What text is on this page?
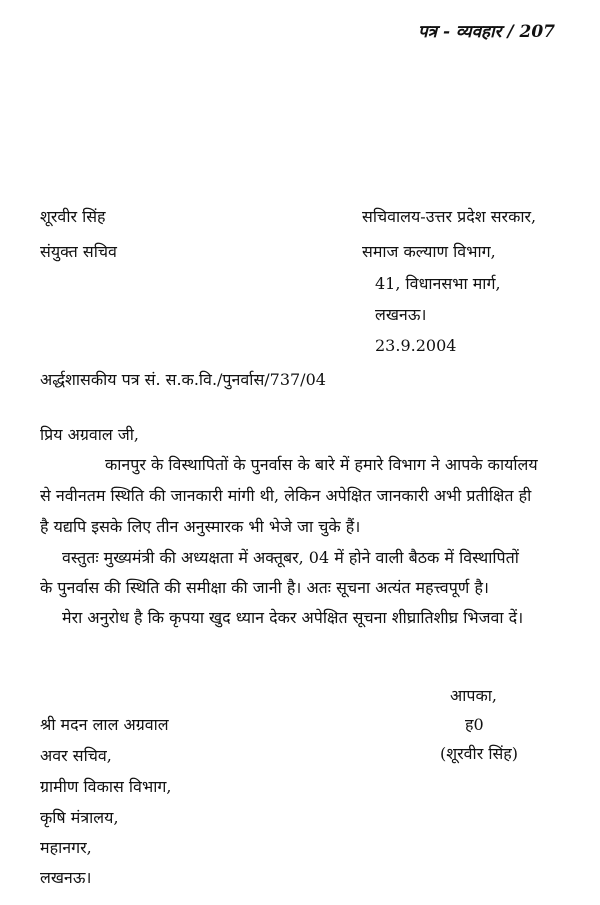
पत्र - व्यवहार / 207
शूरवीर सिंह
संयुक्त सचिव
सचिवालय-उत्तर प्रदेश सरकार,
समाज कल्याण विभाग,
41, विधानसभा मार्ग,
लखनऊ।
23.9.2004
अर्द्धशासकीय पत्र सं. स.क.वि./पुनर्वास/737/04
प्रिय अग्रवाल जी,
कानपुर के विस्थापितों के पुनर्वास के बारे में हमारे विभाग ने आपके कार्यालय
से नवीनतम स्थिति की जानकारी मांगी थी, लेकिन अपेक्षित जानकारी अभी प्रतीक्षित ही
है यद्यपि इसके लिए तीन अनुस्मारक भी भेजे जा चुके हैं।
वस्तुतः मुख्यमंत्री की अध्यक्षता में अक्तूबर, 04 में होने वाली बैठक में विस्थापितों
के पुनर्वास की स्थिति की समीक्षा की जानी है। अतः सूचना अत्यंत महत्त्वपूर्ण है।
मेरा अनुरोध है कि कृपया खुद ध्यान देकर अपेक्षित सूचना शीघ्रातिशीघ्र भिजवा दें।
आपका,
ह0
(शूरवीर सिंह)
श्री मदन लाल अग्रवाल
अवर सचिव,
ग्रामीण विकास विभाग,
कृषि मंत्रालय,
महानगर,
लखनऊ।
